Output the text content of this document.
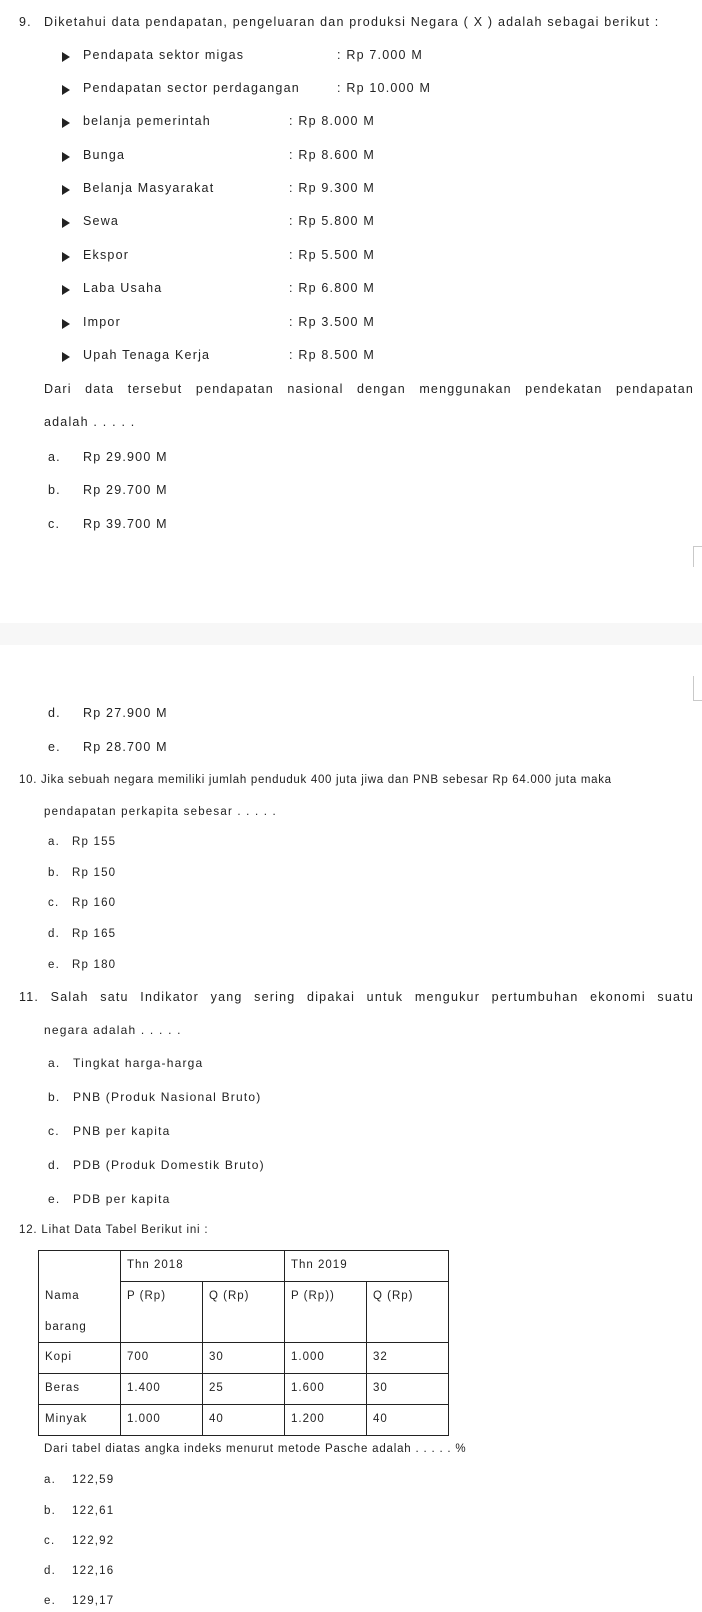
9. Diketahui data pendapatan, pengeluaran dan produksi Negara ( X ) adalah sebagai berikut :
Pendapata sektor migas	: Rp 7.000 M
Pendapatan sector perdagangan	: Rp 10.000 M
belanja pemerintah	: Rp 8.000 M
Bunga	: Rp 8.600 M
Belanja Masyarakat	: Rp 9.300 M
Sewa	: Rp 5.800 M
Ekspor	: Rp 5.500 M
Laba Usaha	: Rp 6.800 M
Impor	: Rp 3.500 M
Upah Tenaga Kerja	: Rp 8.500 M
Dari data tersebut pendapatan nasional dengan menggunakan pendekatan pendapatan
adalah . . . . .
a. Rp 29.900 M
b. Rp 29.700 M
c. Rp 39.700 M
d. Rp 27.900 M
e. Rp 28.700 M
10. Jika sebuah negara memiliki jumlah penduduk 400 juta jiwa dan PNB sebesar Rp 64.000 juta maka
pendapatan perkapita sebesar . . . . .
a. Rp 155
b. Rp 150
c. Rp 160
d. Rp 165
e. Rp 180
11. Salah satu Indikator yang sering dipakai untuk mengukur pertumbuhan ekonomi suatu
negara adalah . . . . .
a. Tingkat harga-harga
b. PNB (Produk Nasional Bruto)
c. PNB per kapita
d. PDB (Produk Domestik Bruto)
e. PDB per kapita
12. Lihat Data Tabel Berikut ini :
	Thn 2018		Thn 2019	
Nama	P (Rp)	Q (Rp)	P (Rp))	Q (Rp)
barang				
Kopi	700	30	1.000	32
Beras	1.400	25	1.600	30
Minyak	1.000	40	1.200	40
Dari tabel diatas angka indeks menurut metode Pasche adalah . . . . . %
a. 122,59
b. 122,61
c. 122,92
d. 122,16
e. 129,17
